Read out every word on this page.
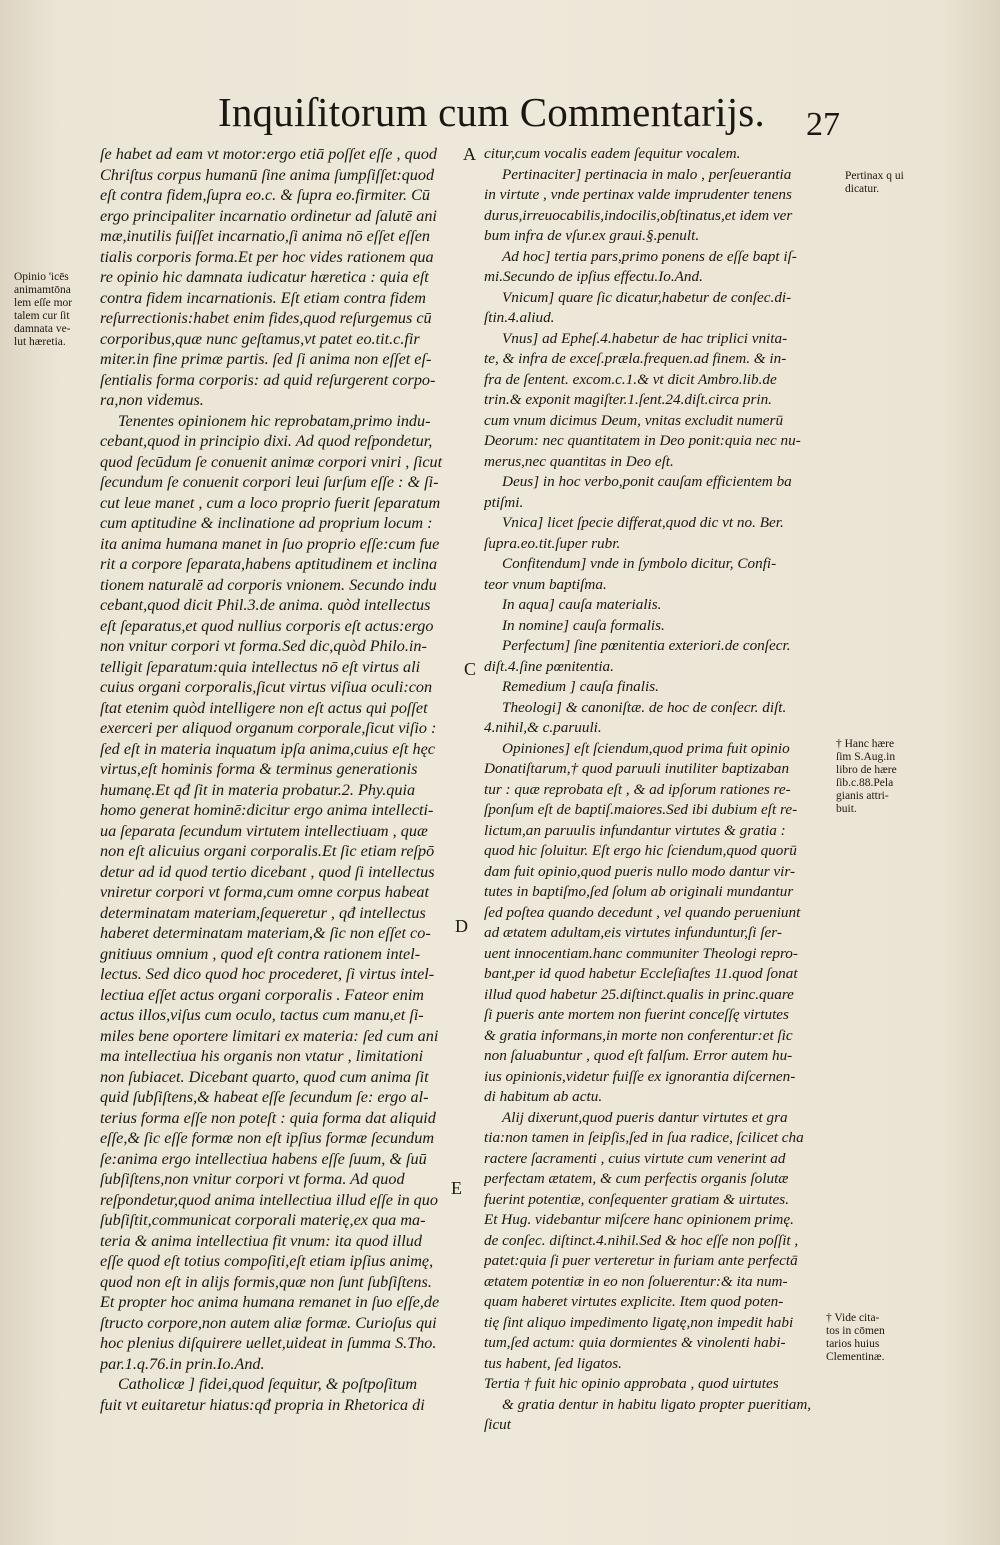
Inquiſitorum cum Commentarijs. 27
ſe habet ad eam vt motor:ergo etiā poſſet eſſe , quod
Chriſtus corpus humanū ſine anima ſumpſiſſet:quod
eſt contra fidem,ſupra eo.c. & ſupra eo.firmiter. Cū
ergo principaliter incarnatio ordinetur ad ſalutē ani
mæ,inutilis fuiſſet incarnatio,ſi anima nō eſſet eſſen
tialis corporis forma.Et per hoc vides rationem qua
re opinio hic damnata iudicatur hæretica : quia eſt
contra fidem incarnationis. Eſt etiam contra fidem
reſurrectionis:habet enim fides,quod reſurgemus cū
corporibus,quæ nunc geſtamus,vt patet eo.tit.c.fir
miter.in fine primæ partis. ſed ſi anima non eſſet eſ-
ſentialis forma corporis: ad quid reſurgerent corpo-
ra,non videmus.
Tenentes opinionem hic reprobatam,primo indu-
cebant,quod in principio dixi. Ad quod reſpondetur,
quod ſecūdum ſe conuenit animæ corpori vniri , ſicut
ſecundum ſe conuenit corpori leui ſurſum eſſe : & ſi-
cut leue manet , cum a loco proprio fuerit ſeparatum
cum aptitudine & inclinatione ad proprium locum :
ita anima humana manet in ſuo proprio eſſe:cum fue
rit a corpore ſeparata,habens aptitudinem et inclina
tionem naturalē ad corporis vnionem. Secundo indu
cebant,quod dicit Phil.3.de anima. quòd intellectus
eſt ſeparatus,et quod nullius corporis eſt actus:ergo
non vnitur corpori vt forma.Sed dic,quòd Philo.in-
telligit ſeparatum:quia intellectus nō eſt virtus ali
cuius organi corporalis,ſicut virtus viſiua oculi:con
ſtat etenim quòd intelligere non eſt actus qui poſſet
exerceri per aliquod organum corporale,ſicut viſio :
ſed eſt in materia inquatum ipſa anima,cuius eſt hęc
virtus,eſt hominis forma & terminus generationis
humanę.Et qđ ſit in materia probatur.2. Phy.quia
homo generat hominē:dicitur ergo anima intellecti-
ua ſeparata ſecundum virtutem intellectiuam , quæ
non eſt alicuius organi corporalis.Et ſic etiam reſpō
detur ad id quod tertio dicebant , quod ſi intellectus
vniretur corpori vt forma,cum omne corpus habeat
determinatam materiam,ſequeretur , qđ intellectus
haberet determinatam materiam,& ſic non eſſet co-
gnitiuus omnium , quod eſt contra rationem intel-
lectus. Sed dico quod hoc procederet, ſi virtus intel-
lectiua eſſet actus organi corporalis . Fateor enim
actus illos,viſus cum oculo, tactus cum manu,et ſi-
miles bene oportere limitari ex materia: ſed cum ani
ma intellectiua his organis non vtatur , limitationi
non ſubiacet. Dicebant quarto, quod cum anima ſit
quid ſubſiſtens,& habeat eſſe ſecundum ſe: ergo al-
terius forma eſſe non poteſt : quia forma dat aliquid
eſſe,& ſic eſſe formæ non eſt ipſius formæ ſecundum
ſe:anima ergo intellectiua habens eſſe ſuum, & ſuū
ſubſiſtens,non vnitur corpori vt forma. Ad quod
reſpondetur,quod anima intellectiua illud eſſe in quo
ſubſiſtit,communicat corporali materię,ex qua ma-
teria & anima intellectiua fit vnum: ita quod illud
eſſe quod eſt totius compoſiti,eſt etiam ipſius animę,
quod non eſt in alijs formis,quæ non ſunt ſubſiſtens.
Et propter hoc anima humana remanet in ſuo eſſe,de
ſtructo corpore,non autem aliæ formæ. Curioſus qui
hoc plenius diſquirere uellet,uideat in ſumma S.Tho.
par.1.q.76.in prin.Io.And.
Catholicæ ] fidei,quod ſequitur, & poſtpoſitum
fuit vt euitaretur hiatus:qđ propria in Rhetorica di
citur,cum vocalis eadem ſequitur vocalem.
Pertinaciter] pertinacia in malo , perſeuerantia
in virtute , vnde pertinax valde imprudenter tenens
durus,irreuocabilis,indocilis,obſtinatus,et idem ver
bum infra de vſur.ex graui.§.penult.
Ad hoc] tertia pars,primo ponens de eſſe bapt iſ-
mi.Secundo de ipſius effectu.Io.And.
Vnicum] quare ſic dicatur,habetur de conſec.di-
ſtin.4.aliud.
Vnus] ad Epheſ.4.habetur de hac triplici vnita-
te, & infra de exceſ.præla.frequen.ad finem. & in-
fra de ſentent. excom.c.1.& vt dicit Ambro.lib.de
trin.& exponit magiſter.1.ſent.24.diſt.circa prin.
cum vnum dicimus Deum, vnitas excludit numerū
Deorum: nec quantitatem in Deo ponit:quia nec nu-
merus,nec quantitas in Deo eſt.
Deus] in hoc verbo,ponit cauſam efficientem ba
ptiſmi.
Vnica] licet ſpecie differat,quod dic vt no. Ber.
ſupra.eo.tit.ſuper rubr.
Confitendum] vnde in ſymbolo dicitur, Confi-
teor vnum baptiſma.
In aqua] cauſa materialis.
In nomine] cauſa formalis.
Perfectum] ſine pœnitentia exteriori.de conſecr.
diſt.4.ſine pœnitentia.
Remedium ] cauſa finalis.
Theologi] & canoniſtæ. de hoc de conſecr. diſt.
4.nihil,& c.paruuli.
Opiniones] eſt ſciendum,quod prima fuit opinio
Donatiſtarum,† quod paruuli inutiliter baptizaban
tur : quæ reprobata eſt , & ad ipſorum rationes re-
ſponſum eſt de baptiſ.maiores.Sed ibi dubium eſt re-
lictum,an paruulis infundantur virtutes & gratia :
quod hic ſoluitur. Eſt ergo hic ſciendum,quod quorū
dam fuit opinio,quod pueris nullo modo dantur vir-
tutes in baptiſmo,ſed ſolum ab originali mundantur
ſed poſtea quando decedunt , vel quando perueniunt
ad ætatem adultam,eis virtutes infunduntur,ſi ſer-
uent innocentiam.hanc communiter Theologi repro-
bant,per id quod habetur Eccleſiaſtes 11.quod ſonat
illud quod habetur 25.diſtinct.qualis in princ.quare
ſi pueris ante mortem non fuerint conceſſę virtutes
& gratia informans,in morte non conferentur:et ſic
non ſaluabuntur , quod eſt falſum. Error autem hu-
ius opinionis,videtur fuiſſe ex ignorantia diſcernen-
di habitum ab actu.
Alij dixerunt,quod pueris dantur virtutes et gra
tia:non tamen in ſeipſis,ſed in ſua radice, ſcilicet cha
ractere ſacramenti , cuius virtute cum venerint ad
perfectam ætatem, & cum perfectis organis ſolutæ
fuerint potentiæ, conſequenter gratiam & uirtutes.
Et Hug. videbantur miſcere hanc opinionem primę.
de conſec. diſtinct.4.nihil.Sed & hoc eſſe non poſſit ,
patet:quia ſi puer verteretur in furiam ante perfectā
ætatem potentiæ in eo non ſoluerentur:& ita num-
quam haberet virtutes explicite. Item quod poten-
tię ſint aliquo impedimento ligatę,non impedit habi
tum,ſed actum: quia dormientes & vinolenti habi-
tus habent, ſed ligatos.
Tertia † fuit hic opinio approbata , quod uirtutes
& gratia dentur in habitu ligato propter pueritiam,
ſicut
A
C
D
E
Opinio 'icēs
animamtōna
lem eſſe mor
talem cur ſit
damnata ve-
lut hæretia.
Pertinax q ui
dicatur.
† Hanc hære
ſim S.Aug.in
libro de hære
ſib.c.88.Pela
gianis attri-
buit.
† Vide cita-
tos in cōmen
tarios huius
Clementinæ.
